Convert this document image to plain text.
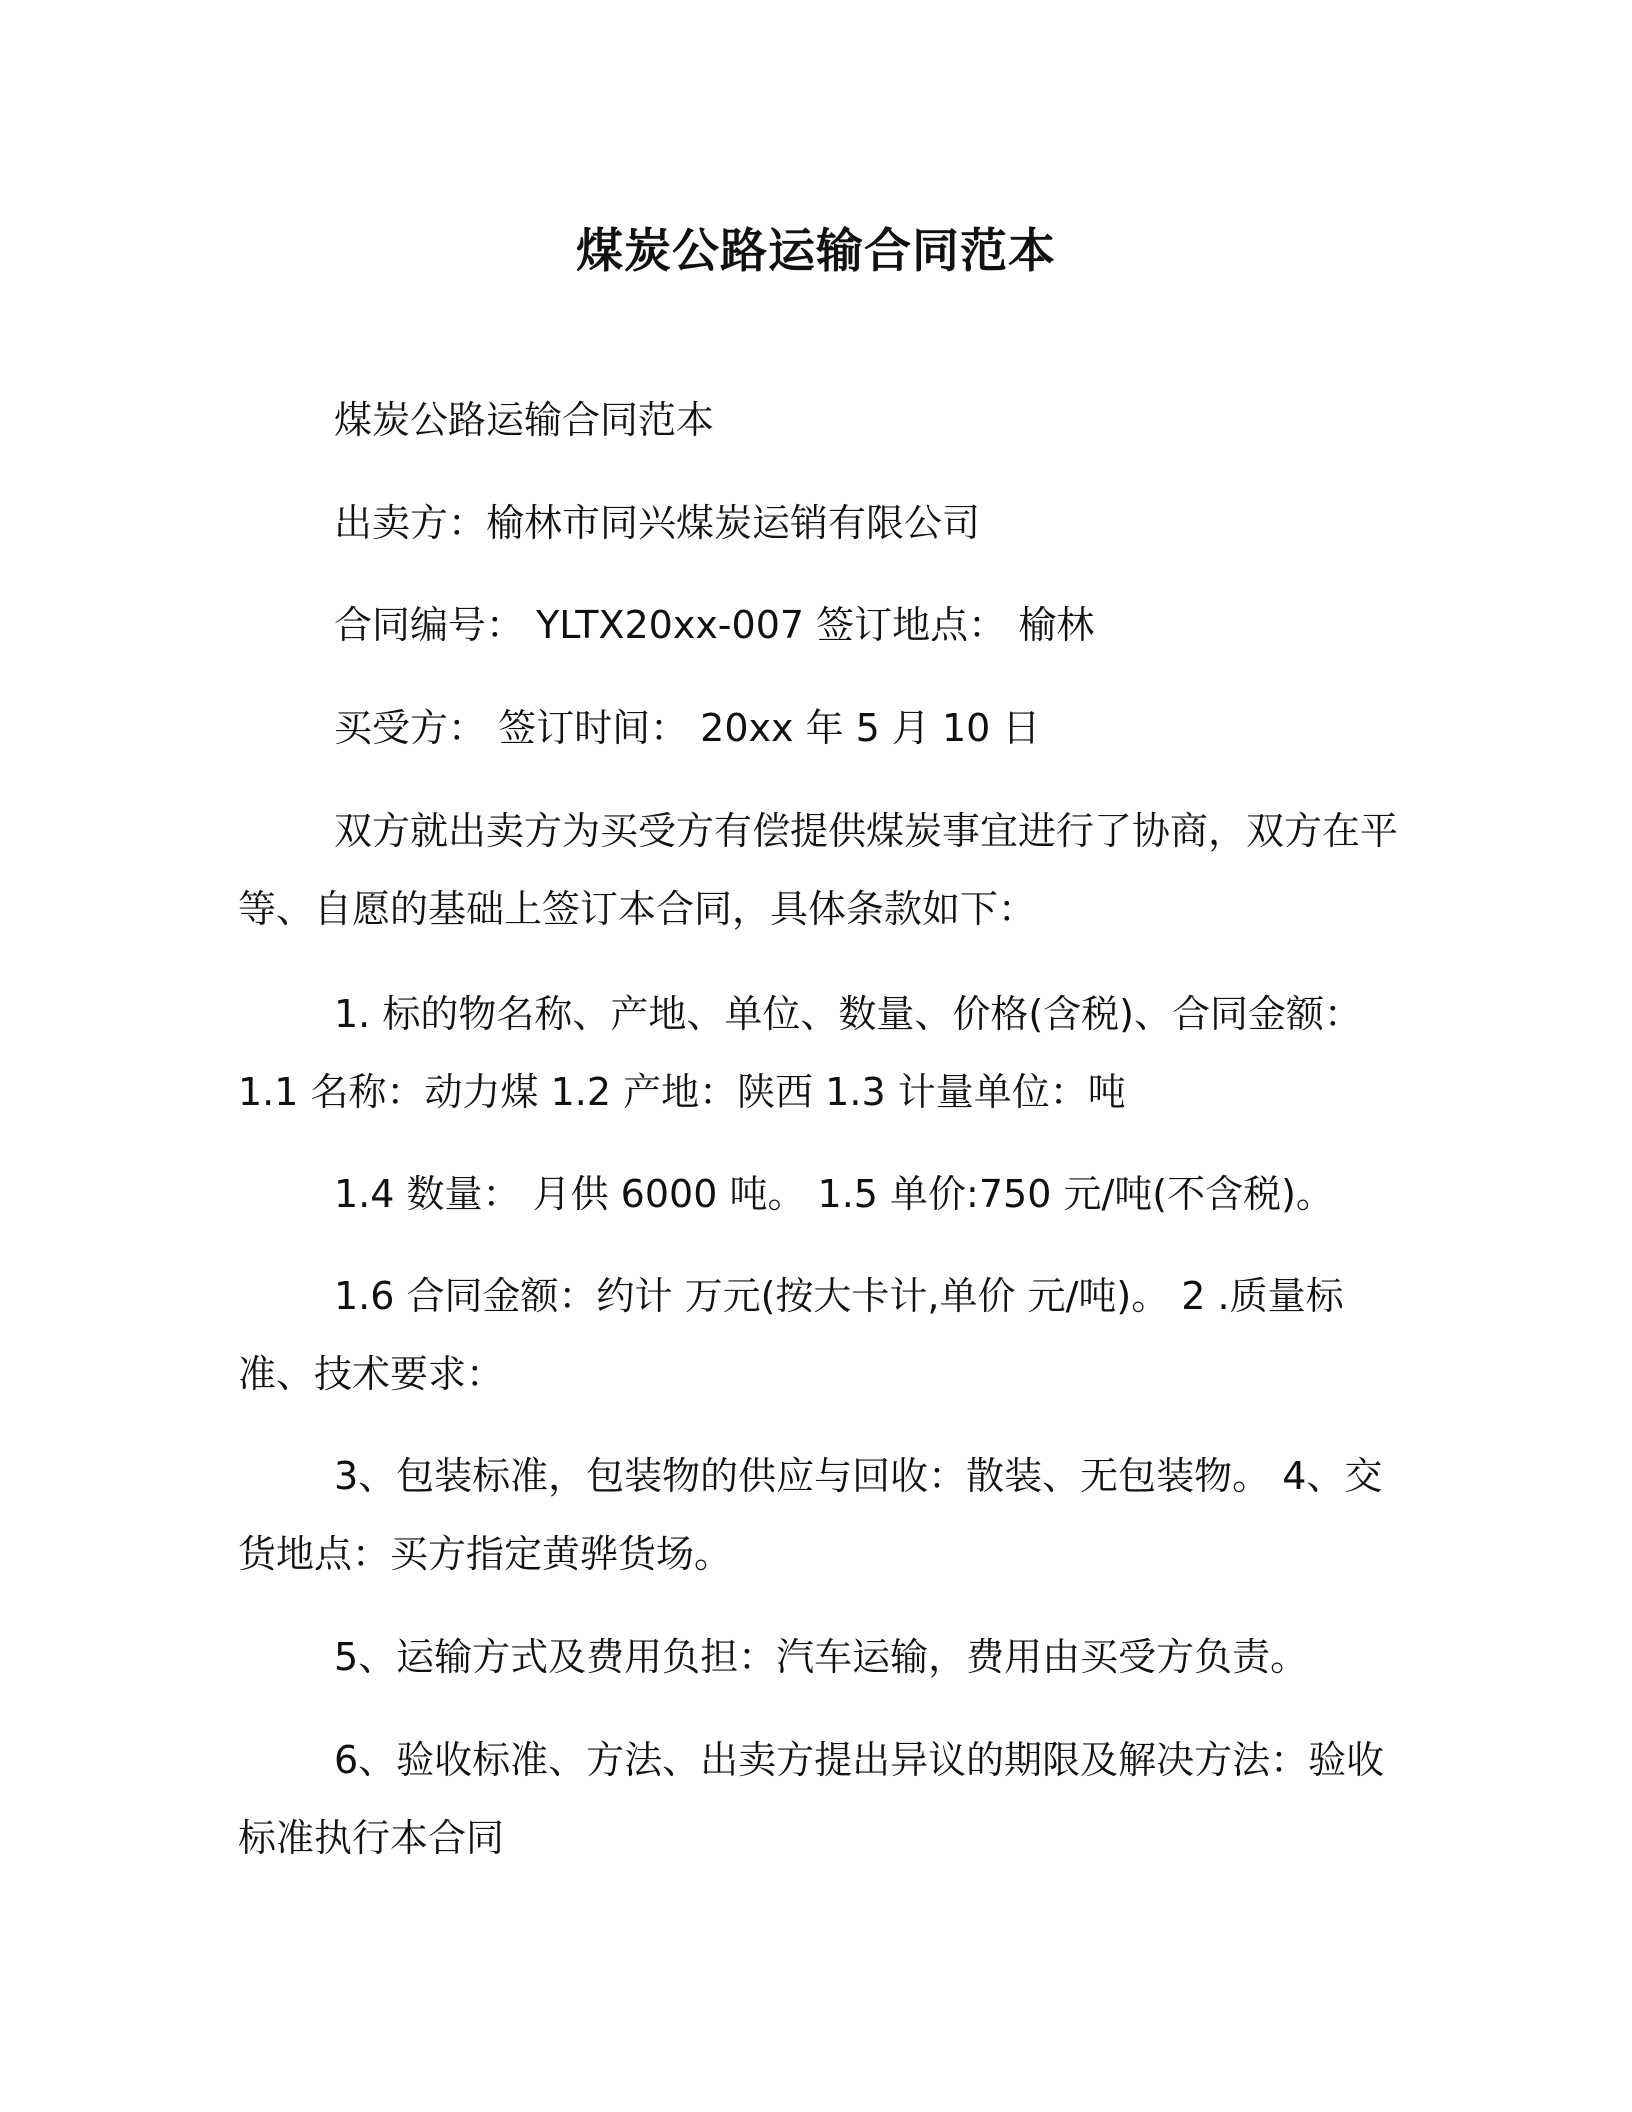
煤炭公路运输合同范本

煤炭公路运输合同范本

出卖方：榆林市同兴煤炭运销有限公司

合同编号： YLTX20xx-007 签订地点： 榆林

买受方： 签订时间： 20xx 年 5 月 10 日

双方就出卖方为买受方有偿提供煤炭事宜进行了协商，双方在平等、自愿的基础上签订本合同，具体条款如下：

1. 标的物名称、产地、单位、数量、价格(含税)、合同金额： 1.1 名称：动力煤 1.2 产地：陕西 1.3 计量单位：吨

1.4 数量： 月供 6000 吨。 1.5 单价:750 元/吨(不含税)。

1.6 合同金额：约计 万元(按大卡计,单价 元/吨)。 2 .质量标准、技术要求：

3、包装标准，包装物的供应与回收：散装、无包装物。 4、交货地点：买方指定黄骅货场。

5、运输方式及费用负担：汽车运输，费用由买受方负责。

6、验收标准、方法、出卖方提出异议的期限及解决方法：验收标准执行本合同
